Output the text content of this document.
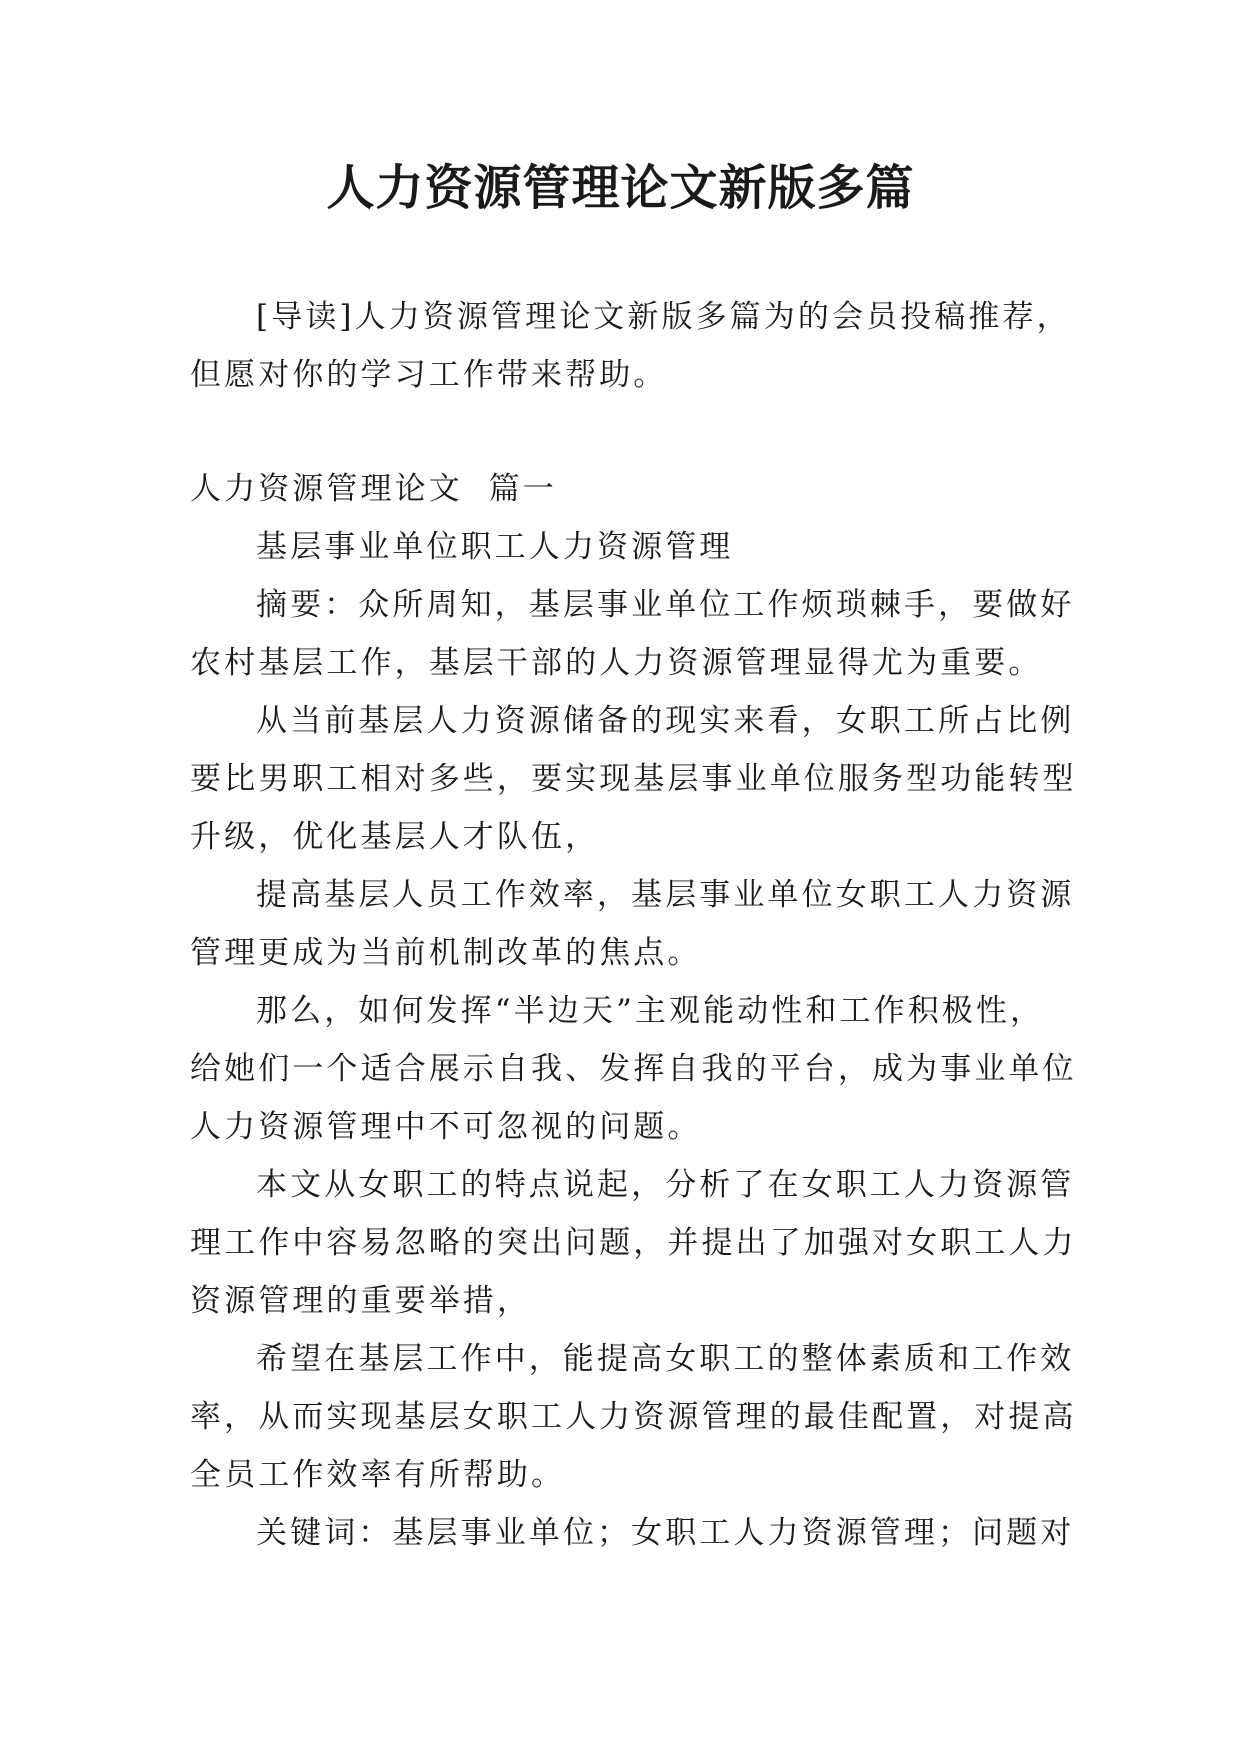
人力资源管理论文新版多篇
[导读]人力资源管理论文新版多篇为的会员投稿推荐，
但愿对你的学习工作带来帮助。
人力资源管理论文  篇一
基层事业单位职工人力资源管理
摘要：众所周知，基层事业单位工作烦琐棘手，要做好
农村基层工作，基层干部的人力资源管理显得尤为重要。
从当前基层人力资源储备的现实来看，女职工所占比例
要比男职工相对多些，要实现基层事业单位服务型功能转型
升级，优化基层人才队伍，
提高基层人员工作效率，基层事业单位女职工人力资源
管理更成为当前机制改革的焦点。
那么，如何发挥“半边天”主观能动性和工作积极性，
给她们一个适合展示自我、发挥自我的平台，成为事业单位
人力资源管理中不可忽视的问题。
本文从女职工的特点说起，分析了在女职工人力资源管
理工作中容易忽略的突出问题，并提出了加强对女职工人力
资源管理的重要举措，
希望在基层工作中，能提高女职工的整体素质和工作效
率，从而实现基层女职工人力资源管理的最佳配置，对提高
全员工作效率有所帮助。
关键词：基层事业单位；女职工人力资源管理；问题对
